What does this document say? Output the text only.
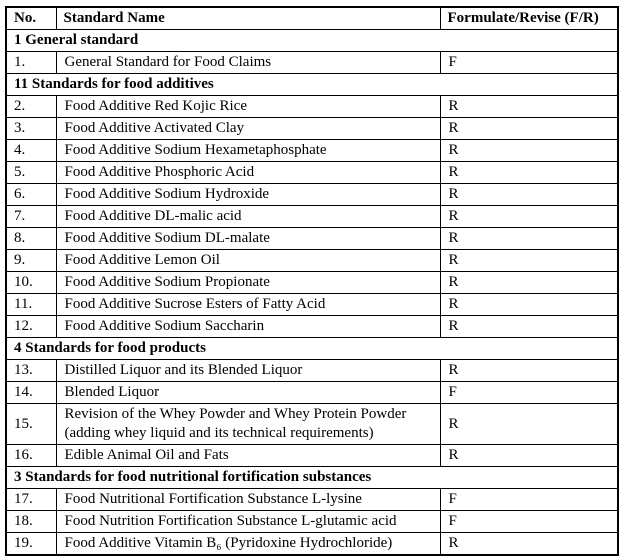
No.	Standard Name	Formulate/Revise (F/R)
1 General standard		
1.	General Standard for Food Claims	F
11 Standards for food additives		
2.	Food Additive Red Kojic Rice	R
3.	Food Additive Activated Clay	R
4.	Food Additive Sodium Hexametaphosphate	R
5.	Food Additive Phosphoric Acid	R
6.	Food Additive Sodium Hydroxide	R
7.	Food Additive DL-malic acid	R
8.	Food Additive Sodium DL-malate	R
9.	Food Additive Lemon Oil	R
10.	Food Additive Sodium Propionate	R
11.	Food Additive Sucrose Esters of Fatty Acid	R
12.	Food Additive Sodium Saccharin	R
4 Standards for food products		
13.	Distilled Liquor and its Blended Liquor	R
14.	Blended Liquor	F
15.	Revision of the Whey Powder and Whey Protein Powder (adding whey liquid and its technical requirements)	R
16.	Edible Animal Oil and Fats	R
3 Standards for food nutritional fortification substances		
17.	Food Nutritional Fortification Substance L-lysine	F
18.	Food Nutrition Fortification Substance L-glutamic acid	F
19.	Food Additive Vitamin B₆ (Pyridoxine Hydrochloride)	R
